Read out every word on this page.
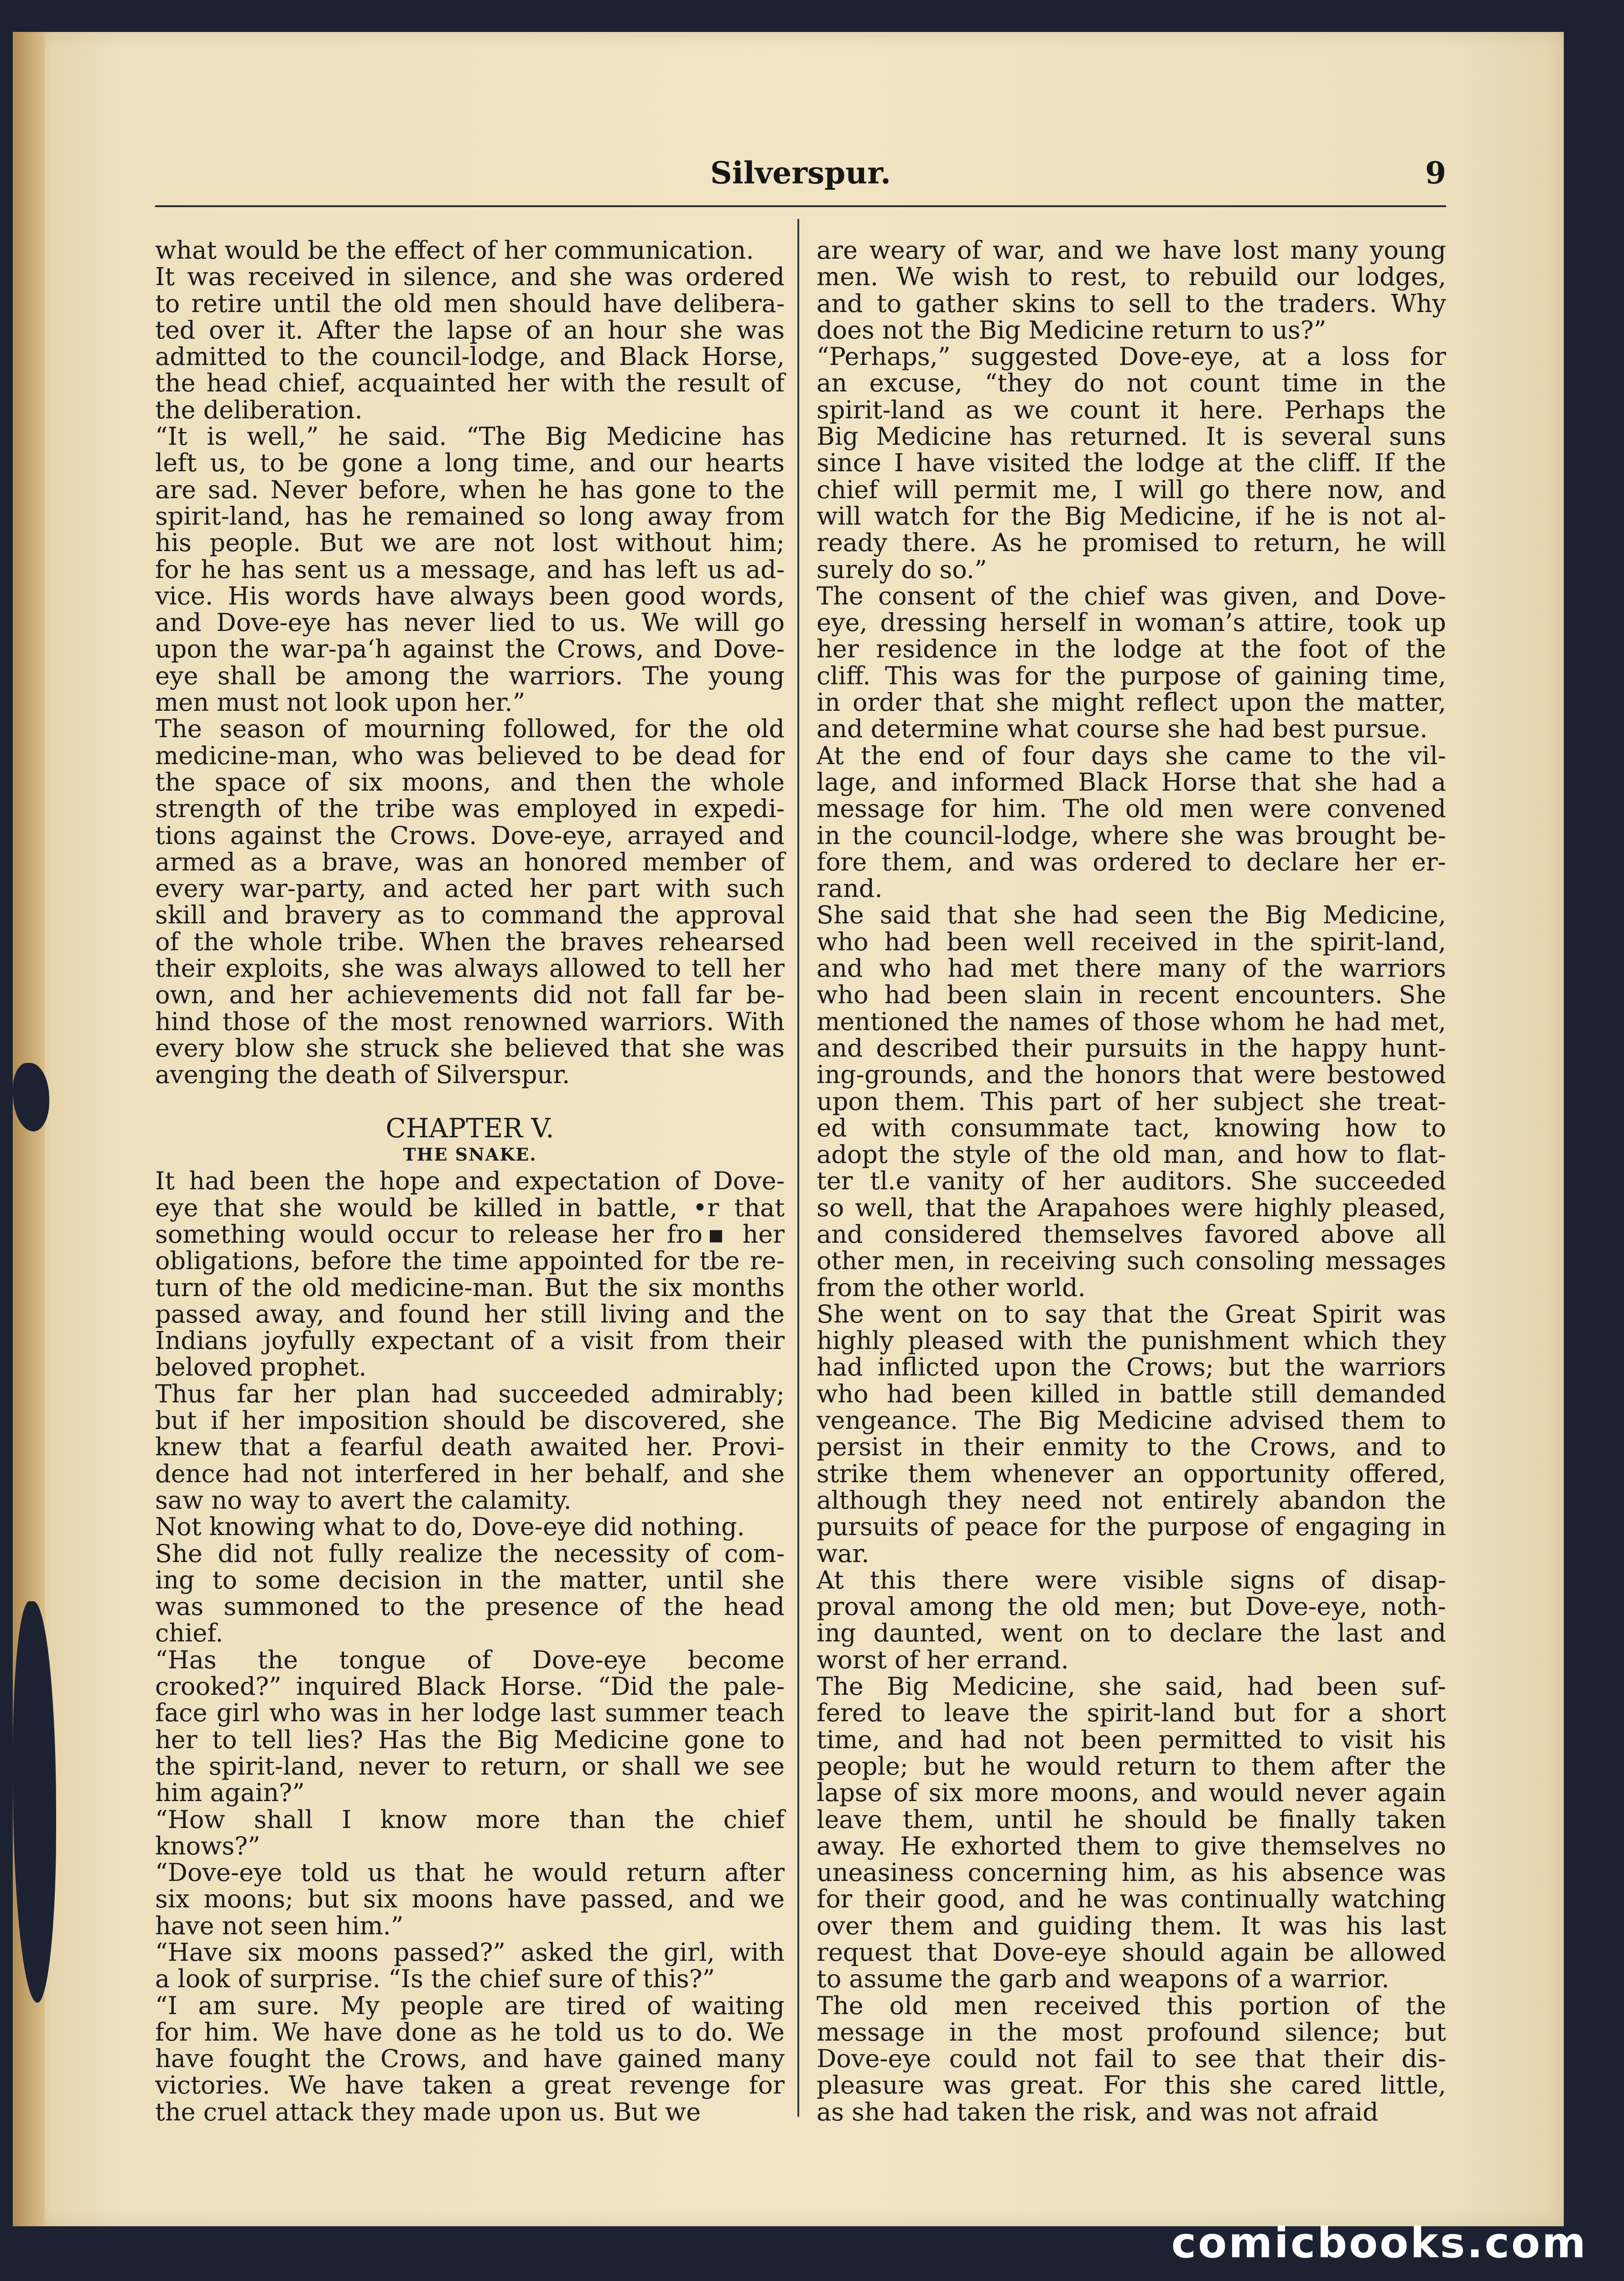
Silverspur.	9
what would be the effect of her communication.
It was received in silence, and she was ordered
to retire until the old men should have delibera-
ted over it. After the lapse of an hour she was
admitted to the council-lodge, and Black Horse,
the head chief, acquainted her with the result of
the deliberation.
“It is well,” he said. “The Big Medicine has
left us, to be gone a long time, and our hearts
are sad. Never before, when he has gone to the
spirit-land, has he remained so long away from
his people. But we are not lost without him;
for he has sent us a message, and has left us ad-
vice. His words have always been good words,
and Dove-eye has never lied to us. We will go
upon the war-paʻh against the Crows, and Dove-
eye shall be among the warriors. The young
men must not look upon her.”
The season of mourning followed, for the old
medicine-man, who was believed to be dead for
the space of six moons, and then the whole
strength of the tribe was employed in expedi-
tions against the Crows. Dove-eye, arrayed and
armed as a brave, was an honored member of
every war-party, and acted her part with such
skill and bravery as to command the approval
of the whole tribe. When the braves rehearsed
their exploits, she was always allowed to tell her
own, and her achievements did not fall far be-
hind those of the most renowned warriors. With
every blow she struck she believed that she was
avenging the death of Silverspur.
CHAPTER V.
THE SNAKE.
It had been the hope and expectation of Dove-
eye that she would be killed in battle, •r that
something would occur to release her fro▪ her
obligations, before the time appointed for tbe re-
turn of the old medicine-man. But the six months
passed away, and found her still living and the
Indians joyfully expectant of a visit from their
beloved prophet.
Thus far her plan had succeeded admirably;
but if her imposition should be discovered, she
knew that a fearful death awaited her. Provi-
dence had not interfered in her behalf, and she
saw no way to avert the calamity.
Not knowing what to do, Dove-eye did nothing.
She did not fully realize the necessity of com-
ing to some decision in the matter, until she
was summoned to the presence of the head
chief.
“Has the tongue of Dove-eye become
crooked?” inquired Black Horse. “Did the pale-
face girl who was in her lodge last summer teach
her to tell lies? Has the Big Medicine gone to
the spirit-land, never to return, or shall we see
him again?”
“How shall I know more than the chief
knows?”
“Dove-eye told us that he would return after
six moons; but six moons have passed, and we
have not seen him.”
“Have six moons passed?” asked the girl, with
a look of surprise. “Is the chief sure of this?”
“I am sure. My people are tired of waiting
for him. We have done as he told us to do. We
have fought the Crows, and have gained many
victories. We have taken a great revenge for
the cruel attack they made upon us. But we
are weary of war, and we have lost many young
men. We wish to rest, to rebuild our lodges,
and to gather skins to sell to the traders. Why
does not the Big Medicine return to us?”
“Perhaps,” suggested Dove-eye, at a loss for
an excuse, “they do not count time in the
spirit-land as we count it here. Perhaps the
Big Medicine has returned. It is several suns
since I have visited the lodge at the cliff. If the
chief will permit me, I will go there now, and
will watch for the Big Medicine, if he is not al-
ready there. As he promised to return, he will
surely do so.”
The consent of the chief was given, and Dove-
eye, dressing herself in woman’s attire, took up
her residence in the lodge at the foot of the
cliff. This was for the purpose of gaining time,
in order that she might reflect upon the matter,
and determine what course she had best pursue.
At the end of four days she came to the vil-
lage, and informed Black Horse that she had a
message for him. The old men were convened
in the council-lodge, where she was brought be-
fore them, and was ordered to declare her er-
rand.
She said that she had seen the Big Medicine,
who had been well received in the spirit-land,
and who had met there many of the warriors
who had been slain in recent encounters. She
mentioned the names of those whom he had met,
and described their pursuits in the happy hunt-
ing-grounds, and the honors that were bestowed
upon them. This part of her subject she treat-
ed with consummate tact, knowing how to
adopt the style of the old man, and how to flat-
ter tl.e vanity of her auditors. She succeeded
so well, that the Arapahoes were highly pleased,
and considered themselves favored above all
other men, in receiving such consoling messages
from the other world.
She went on to say that the Great Spirit was
highly pleased with the punishment which they
had inflicted upon the Crows; but the warriors
who had been killed in battle still demanded
vengeance. The Big Medicine advised them to
persist in their enmity to the Crows, and to
strike them whenever an opportunity offered,
although they need not entirely abandon the
pursuits of peace for the purpose of engaging in
war.
At this there were visible signs of disap-
proval among the old men; but Dove-eye, noth-
ing daunted, went on to declare the last and
worst of her errand.
The Big Medicine, she said, had been suf-
fered to leave the spirit-land but for a short
time, and had not been permitted to visit his
people; but he would return to them after the
lapse of six more moons, and would never again
leave them, until he should be finally taken
away. He exhorted them to give themselves no
uneasiness concerning him, as his absence was
for their good, and he was continually watching
over them and guiding them. It was his last
request that Dove-eye should again be allowed
to assume the garb and weapons of a warrior.
The old men received this portion of the
message in the most profound silence; but
Dove-eye could not fail to see that their dis-
pleasure was great. For this she cared little,
as she had taken the risk, and was not afraid
comicbooks.com
